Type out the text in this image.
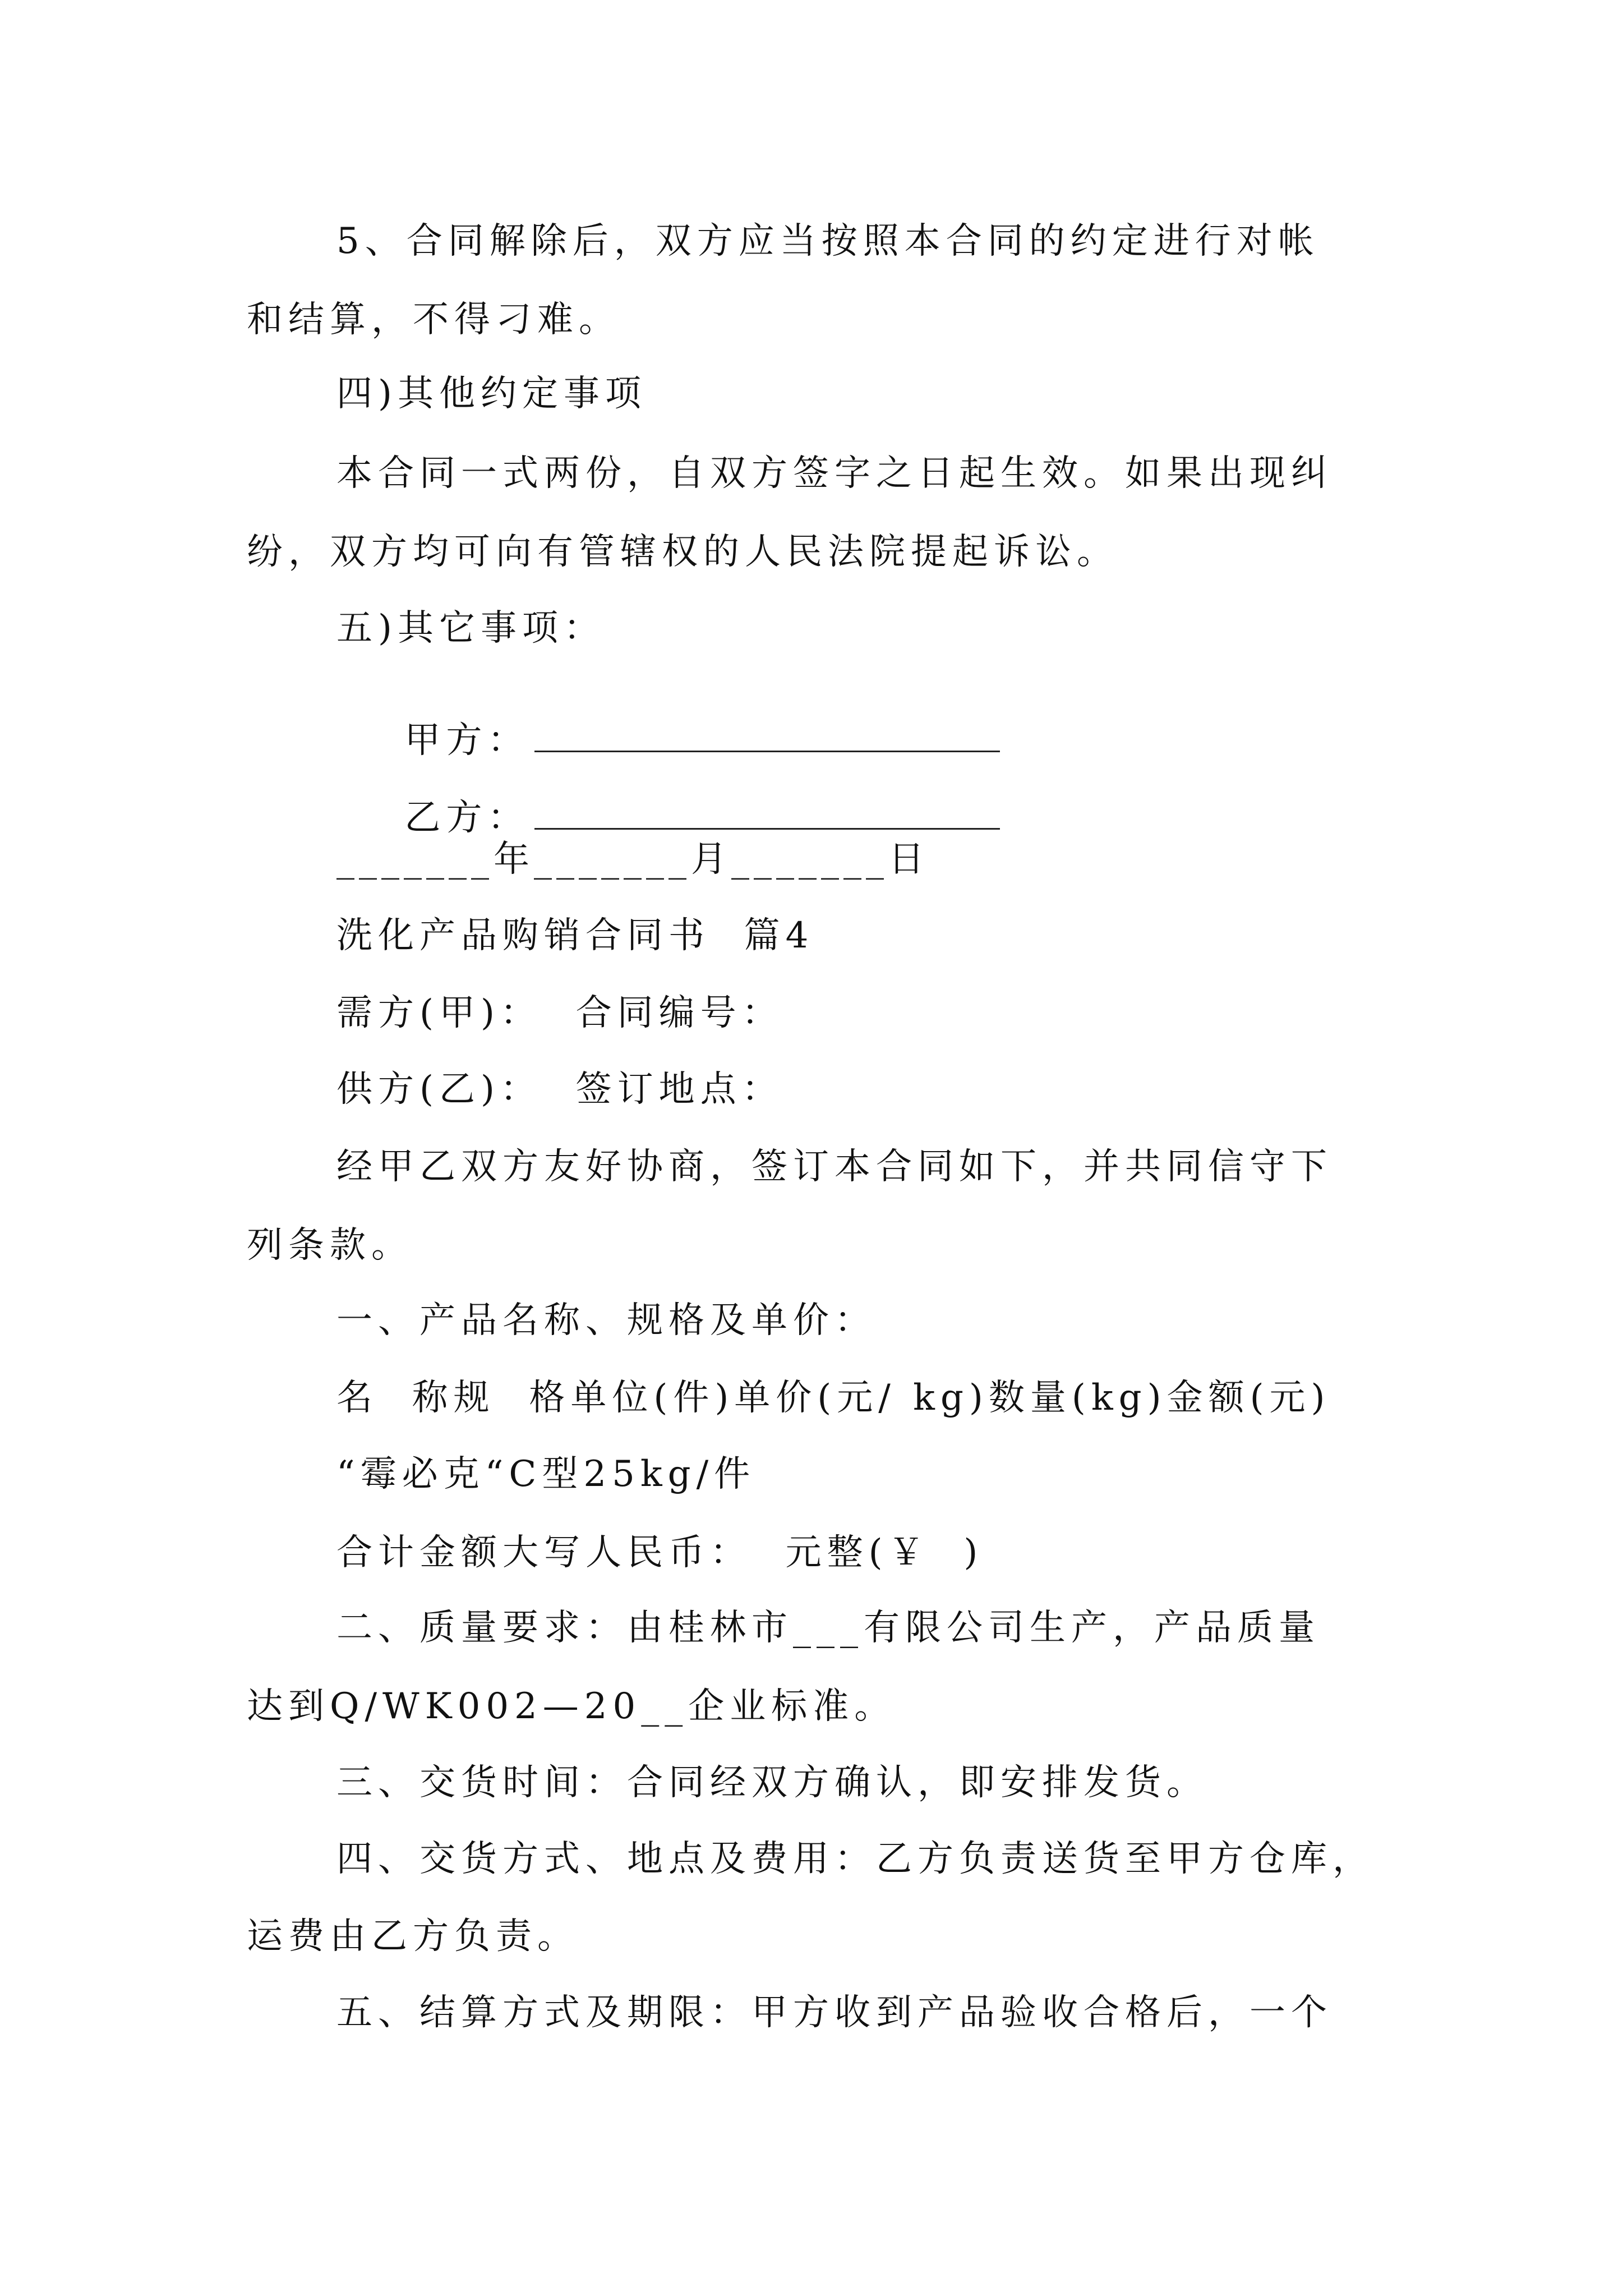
5、合同解除后，双方应当按照本合同的约定进行对帐
和结算，不得刁难。
四)其他约定事项
本合同一式两份，自双方签字之日起生效。如果出现纠
纷，双方均可向有管辖权的人民法院提起诉讼。
五)其它事项：

甲方：

乙方：

_______年_______月_______日
洗化产品购销合同书  篇4
需方(甲)：  合同编号：
供方(乙)：  签订地点：
经甲乙双方友好协商，签订本合同如下，并共同信守下
列条款。
一、产品名称、规格及单价：
名  称规  格单位(件)单价(元/ kg)数量(kg)金额(元)
“霉必克“C型25kg/件
合计金额大写人民币：  元整(￥  )
二、质量要求：由桂林市___有限公司生产，产品质量
达到Q/WK002—20__企业标准。
三、交货时间：合同经双方确认，即安排发货。
四、交货方式、地点及费用：乙方负责送货至甲方仓库，
运费由乙方负责。
五、结算方式及期限：甲方收到产品验收合格后，一个
